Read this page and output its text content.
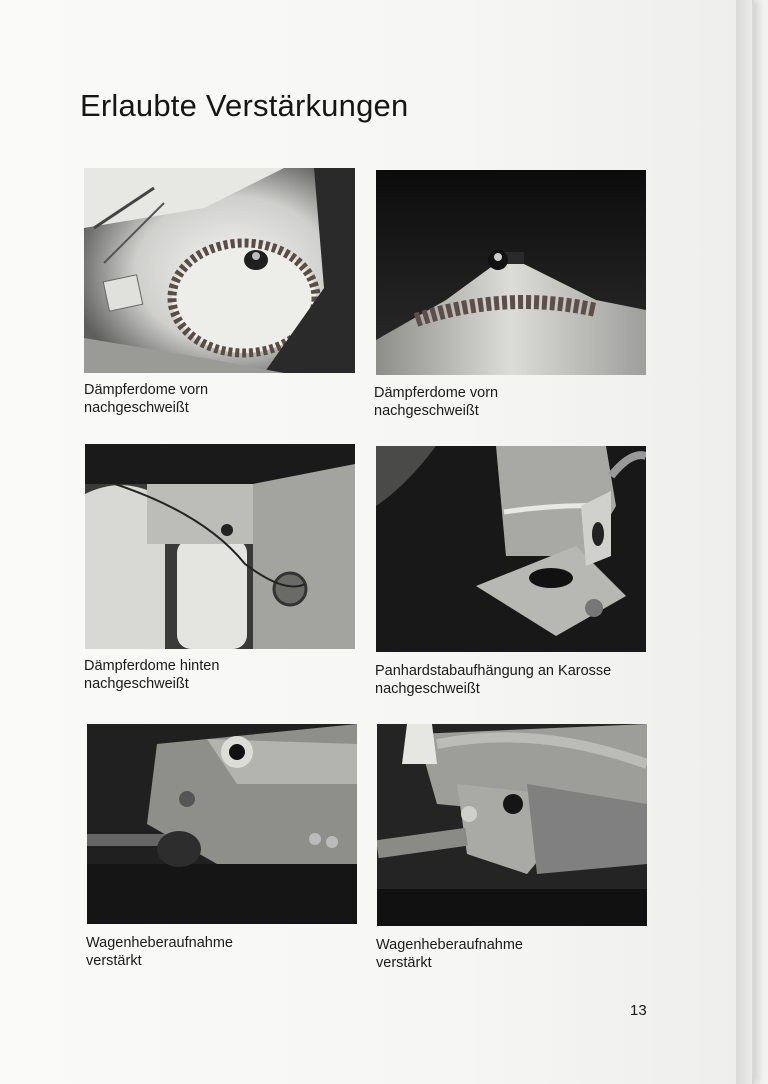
Erlaubte Verstärkungen
Dämpferdome vorn
nachgeschweißt
Dämpferdome vorn
nachgeschweißt
Dämpferdome hinten
nachgeschweißt
Panhardstabaufhängung an Karosse
nachgeschweißt
Wagenheberaufnahme
verstärkt
Wagenheberaufnahme
verstärkt
13
